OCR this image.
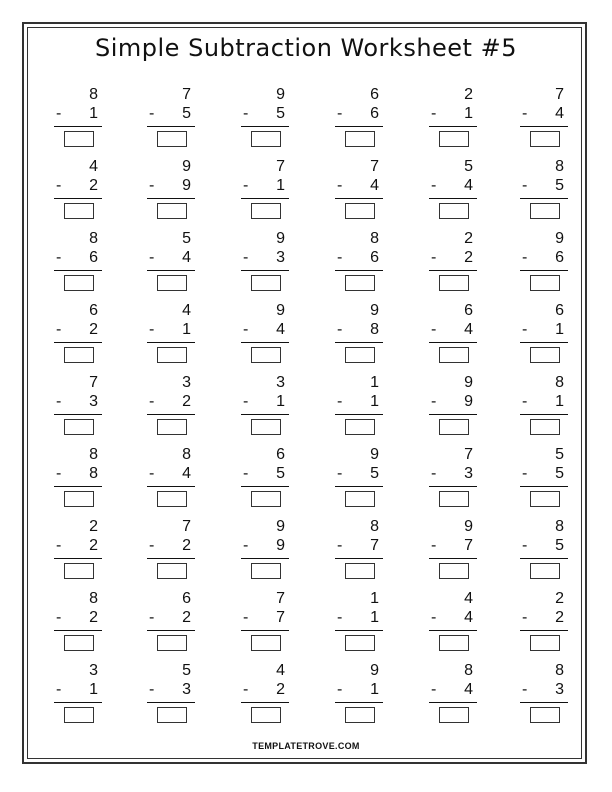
Simple Subtraction Worksheet #5
8
- 1
7
- 5
9
- 5
6
- 6
2
- 1
7
- 4
4
- 2
9
- 9
7
- 1
7
- 4
5
- 4
8
- 5
8
- 6
5
- 4
9
- 3
8
- 6
2
- 2
9
- 6
6
- 2
4
- 1
9
- 4
9
- 8
6
- 4
6
- 1
7
- 3
3
- 2
3
- 1
1
- 1
9
- 9
8
- 1
8
- 8
8
- 4
6
- 5
9
- 5
7
- 3
5
- 5
2
- 2
7
- 2
9
- 9
8
- 7
9
- 7
8
- 5
8
- 2
6
- 2
7
- 7
1
- 1
4
- 4
2
- 2
3
- 1
5
- 3
4
- 2
9
- 1
8
- 4
8
- 3
TEMPLATETROVE.COM
